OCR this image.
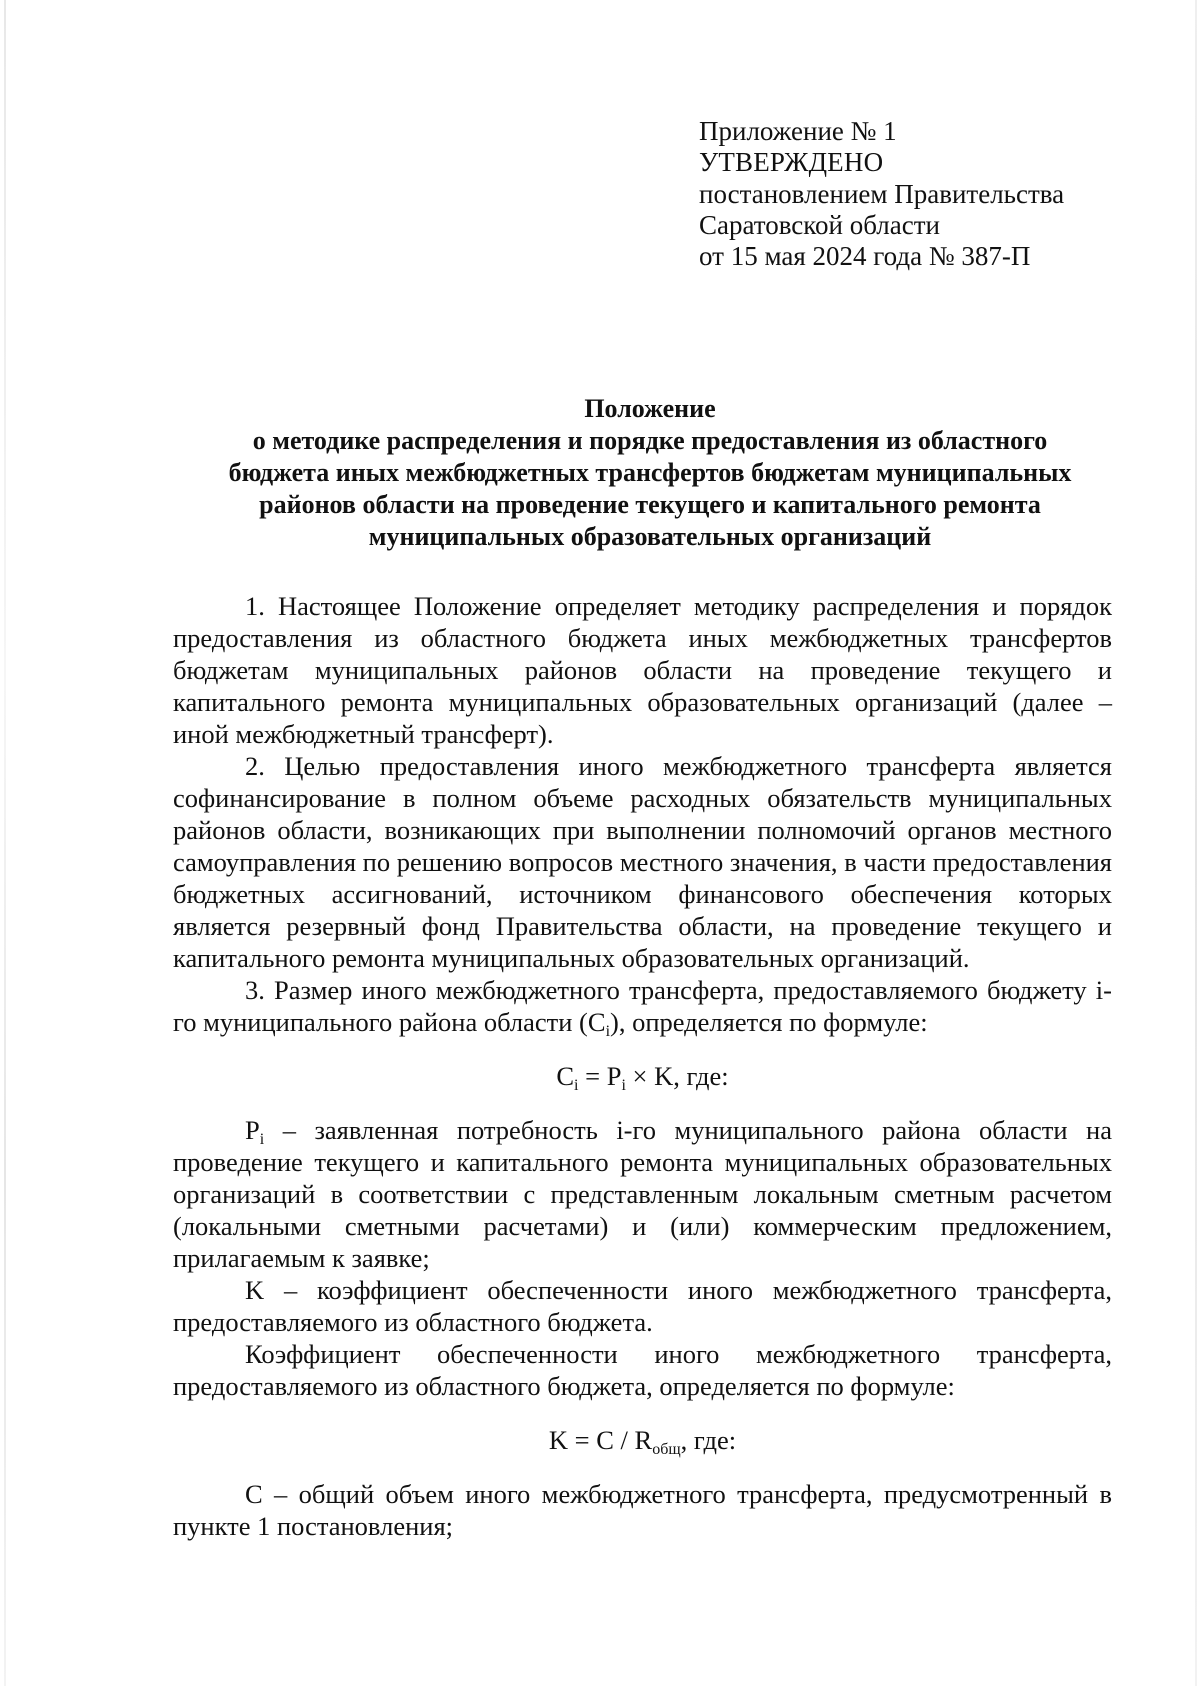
Приложение № 1

УТВЕРЖДЕНО

постановлением Правительства

Саратовской области

от 15 мая 2024 года № 387-П

Положение
о методике распределения и порядке предоставления из областного
бюджета иных межбюджетных трансфертов бюджетам муниципальных
районов области на проведение текущего и капитального ремонта
муниципальных образовательных организаций

1. Настоящее Положение определяет методику распределения и порядок предоставления из областного бюджета иных межбюджетных трансфертов бюджетам муниципальных районов области на проведение текущего и капитального ремонта муниципальных образовательных организаций (далее – иной межбюджетный трансферт).

2. Целью предоставления иного межбюджетного трансферта является софинансирование в полном объеме расходных обязательств муниципальных районов области, возникающих при выполнении полномочий органов местного самоуправления по решению вопросов местного значения, в части предоставления бюджетных ассигнований, источником финансового обеспечения которых является резервный фонд Правительства области, на проведение текущего и капитального ремонта муниципальных образовательных организаций.

3. Размер иного межбюджетного трансферта, предоставляемого бюджету i-го муниципального района области $(C_i)$, определяется по формуле:

$C_i = P_i \times K$, где:

$P_i$ – заявленная потребность i-го муниципального района области на проведение текущего и капитального ремонта муниципальных образовательных организаций в соответствии с представленным локальным сметным расчетом (локальными сметными расчетами) и (или) коммерческим предложением, прилагаемым к заявке;

K – коэффициент обеспеченности иного межбюджетного трансферта, предоставляемого из областного бюджета.

Коэффициент обеспеченности иного межбюджетного трансферта, предоставляемого из областного бюджета, определяется по формуле:

$K = C / R_{общ}$, где:

C – общий объем иного межбюджетного трансферта, предусмотренный в пункте 1 постановления;
